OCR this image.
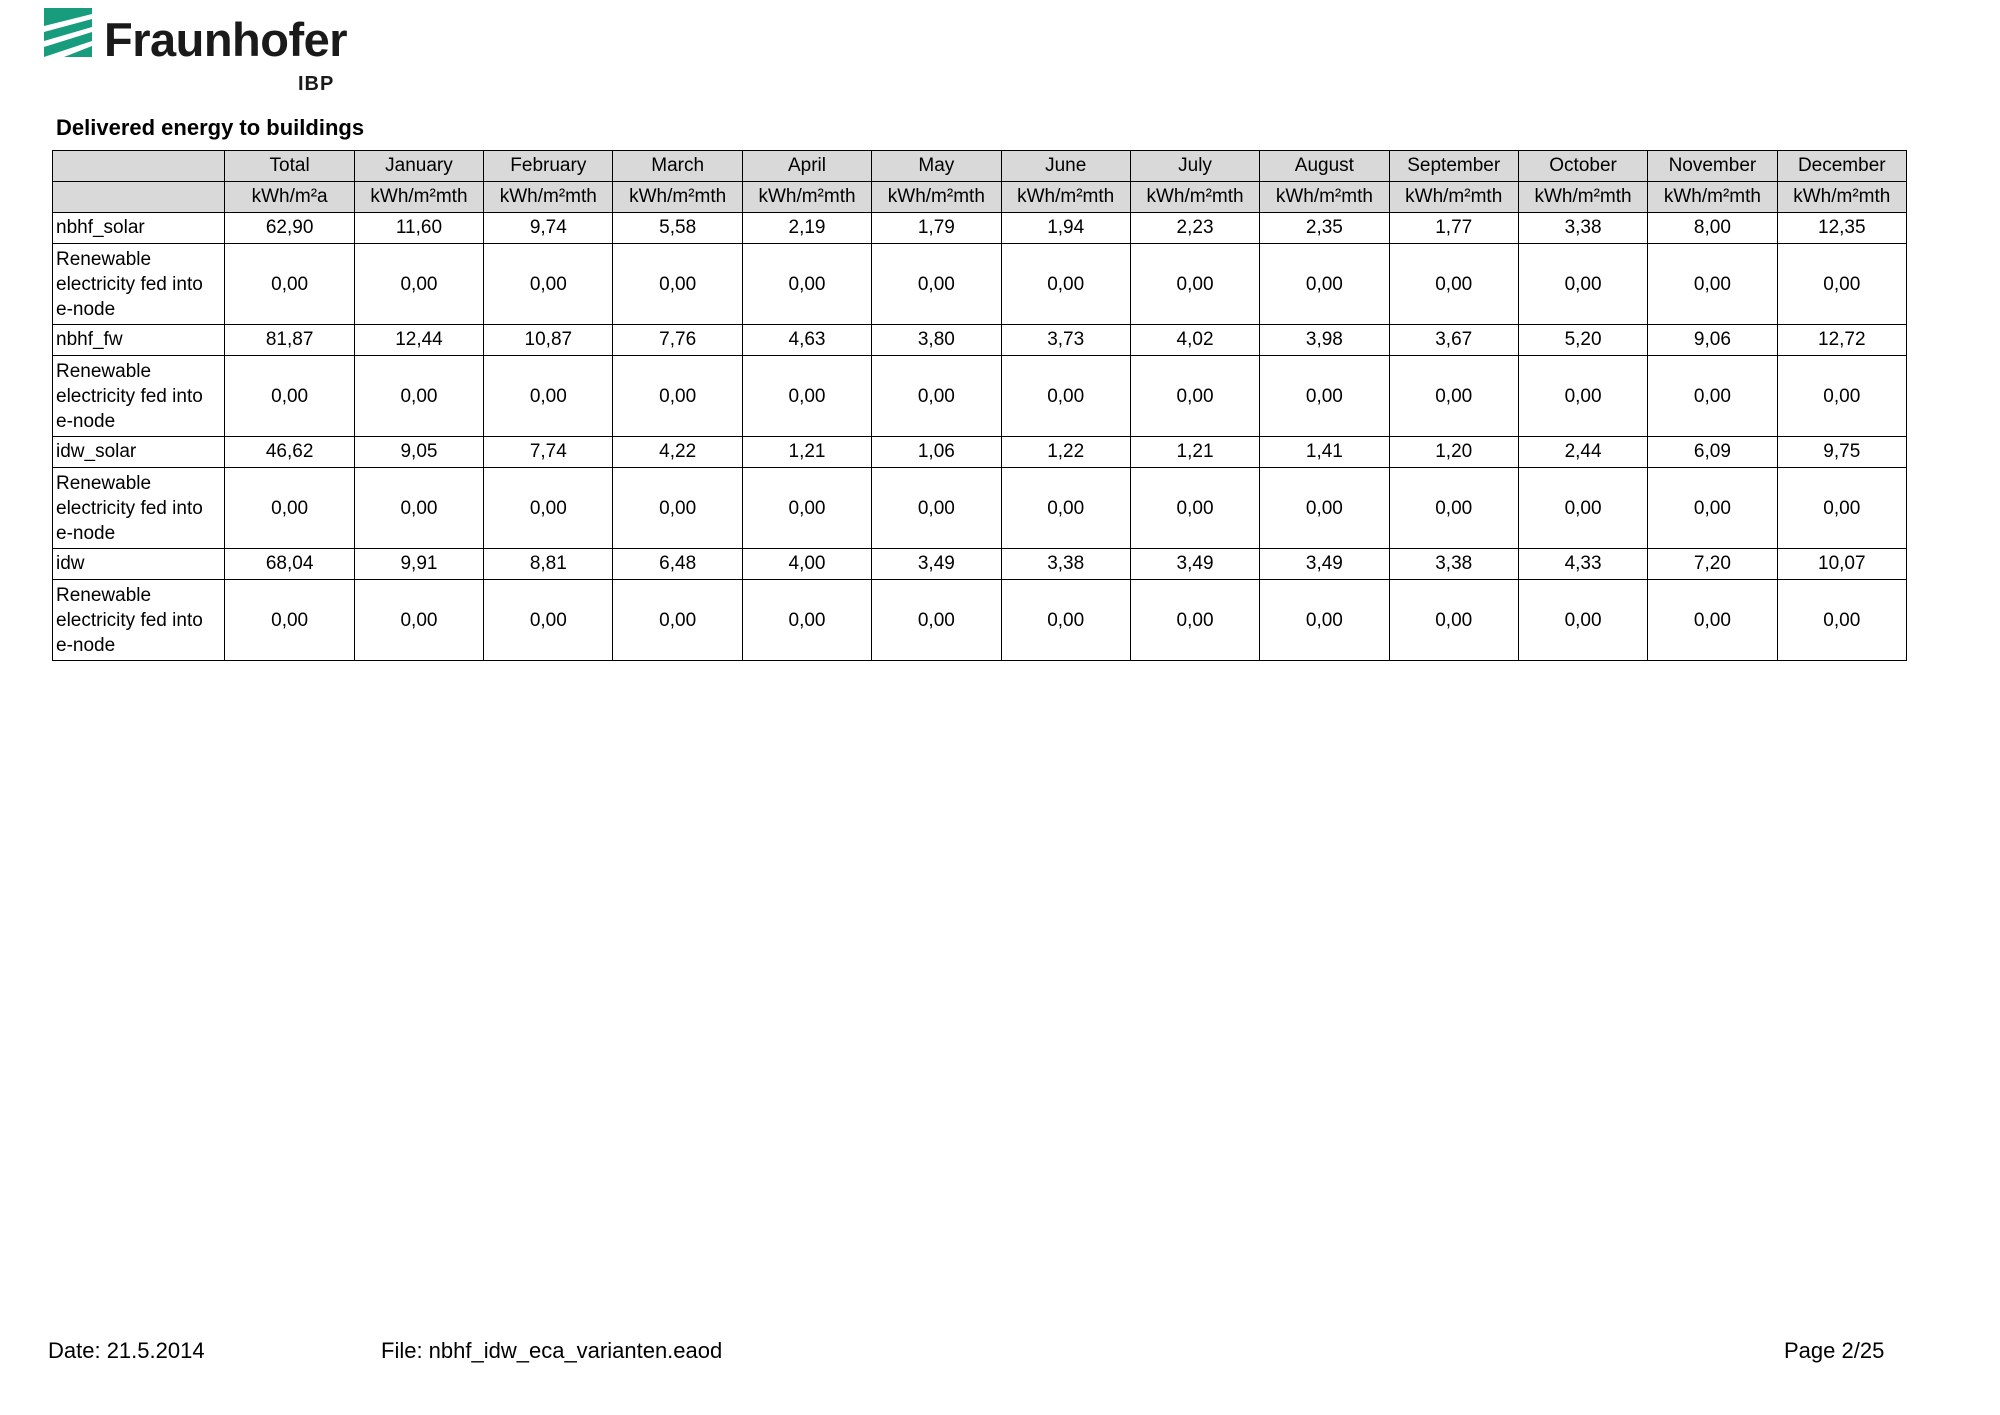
Fraunhofer
IBP
Delivered energy to buildings
	Total	January	February	March	April	May	June	July	August	September	October	November	December
	kWh/m²a	kWh/m²mth	kWh/m²mth	kWh/m²mth	kWh/m²mth	kWh/m²mth	kWh/m²mth	kWh/m²mth	kWh/m²mth	kWh/m²mth	kWh/m²mth	kWh/m²mth	kWh/m²mth
nbhf_solar	62,90	11,60	9,74	5,58	2,19	1,79	1,94	2,23	2,35	1,77	3,38	8,00	12,35
Renewable electricity fed into e-node	0,00	0,00	0,00	0,00	0,00	0,00	0,00	0,00	0,00	0,00	0,00	0,00	0,00
nbhf_fw	81,87	12,44	10,87	7,76	4,63	3,80	3,73	4,02	3,98	3,67	5,20	9,06	12,72
Renewable electricity fed into e-node	0,00	0,00	0,00	0,00	0,00	0,00	0,00	0,00	0,00	0,00	0,00	0,00	0,00
idw_solar	46,62	9,05	7,74	4,22	1,21	1,06	1,22	1,21	1,41	1,20	2,44	6,09	9,75
Renewable electricity fed into e-node	0,00	0,00	0,00	0,00	0,00	0,00	0,00	0,00	0,00	0,00	0,00	0,00	0,00
idw	68,04	9,91	8,81	6,48	4,00	3,49	3,38	3,49	3,49	3,38	4,33	7,20	10,07
Renewable electricity fed into e-node	0,00	0,00	0,00	0,00	0,00	0,00	0,00	0,00	0,00	0,00	0,00	0,00	0,00
Date: 21.5.2014	File: nbhf_idw_eca_varianten.eaod	Page 2/25
